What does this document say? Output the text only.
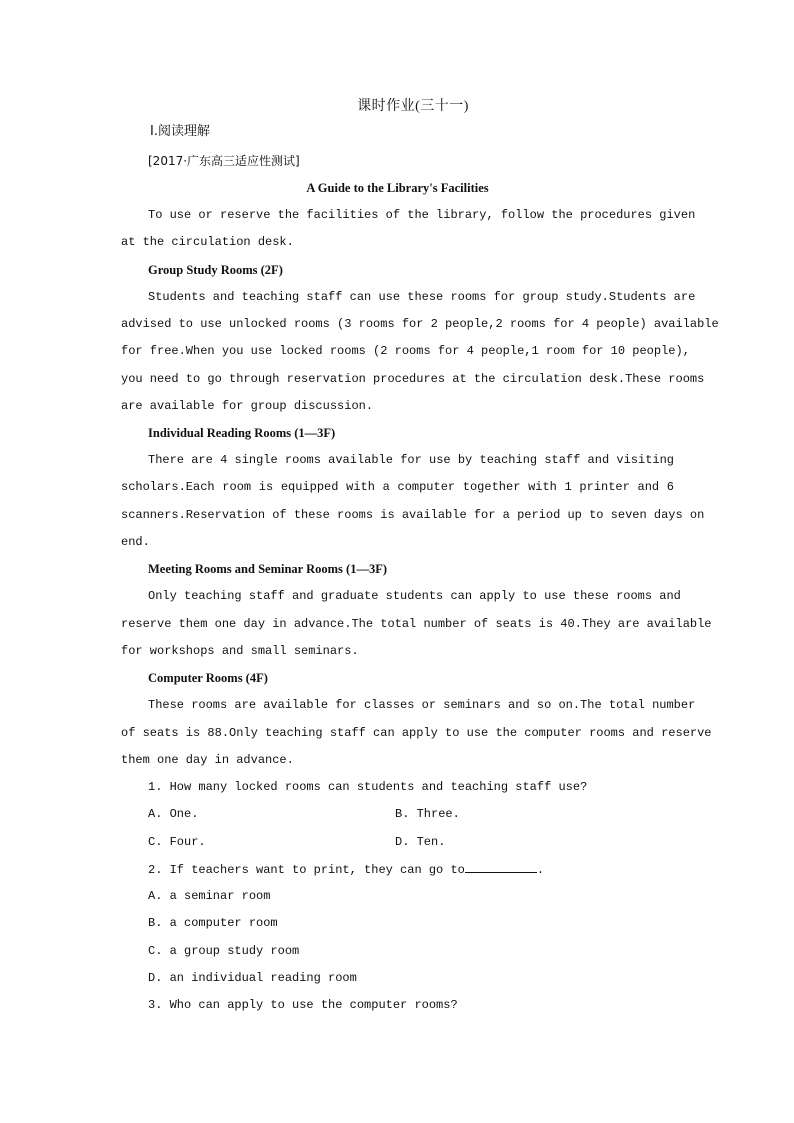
课时作业(三十一)
Ⅰ.阅读理解
[2017·广东高三适应性测试]
A Guide to the Library's Facilities
To use or reserve the facilities of the library, follow the procedures given
at the circulation desk.
Group Study Rooms (2F)
Students and teaching staff can use these rooms for group study.Students are
advised to use unlocked rooms (3 rooms for 2 people,2 rooms for 4 people) available
for free.When you use locked rooms (2 rooms for 4 people,1 room for 10 people),
you need to go through reservation procedures at the circulation desk.These rooms
are available for group discussion.
Individual Reading Rooms (1—3F)
There are 4 single rooms available for use by teaching staff and visiting
scholars.Each room is equipped with a computer together with 1 printer and 6
scanners.Reservation of these rooms is available for a period up to seven days on
end.
Meeting Rooms and Seminar Rooms (1—3F)
Only teaching staff and graduate students can apply to use these rooms and
reserve them one day in advance.The total number of seats is 40.They are available
for workshops and small seminars.
Computer Rooms (4F)
These rooms are available for classes or seminars and so on.The total number
of seats is 88.Only teaching staff can apply to use the computer rooms and reserve
them one day in advance.
1. How many locked rooms can students and teaching staff use?
A. One.	B. Three.
C. Four.	D. Ten.
2. If teachers want to print, they can go to	.
A. a seminar room
B. a computer room
C. a group study room
D. an individual reading room
3. Who can apply to use the computer rooms?
